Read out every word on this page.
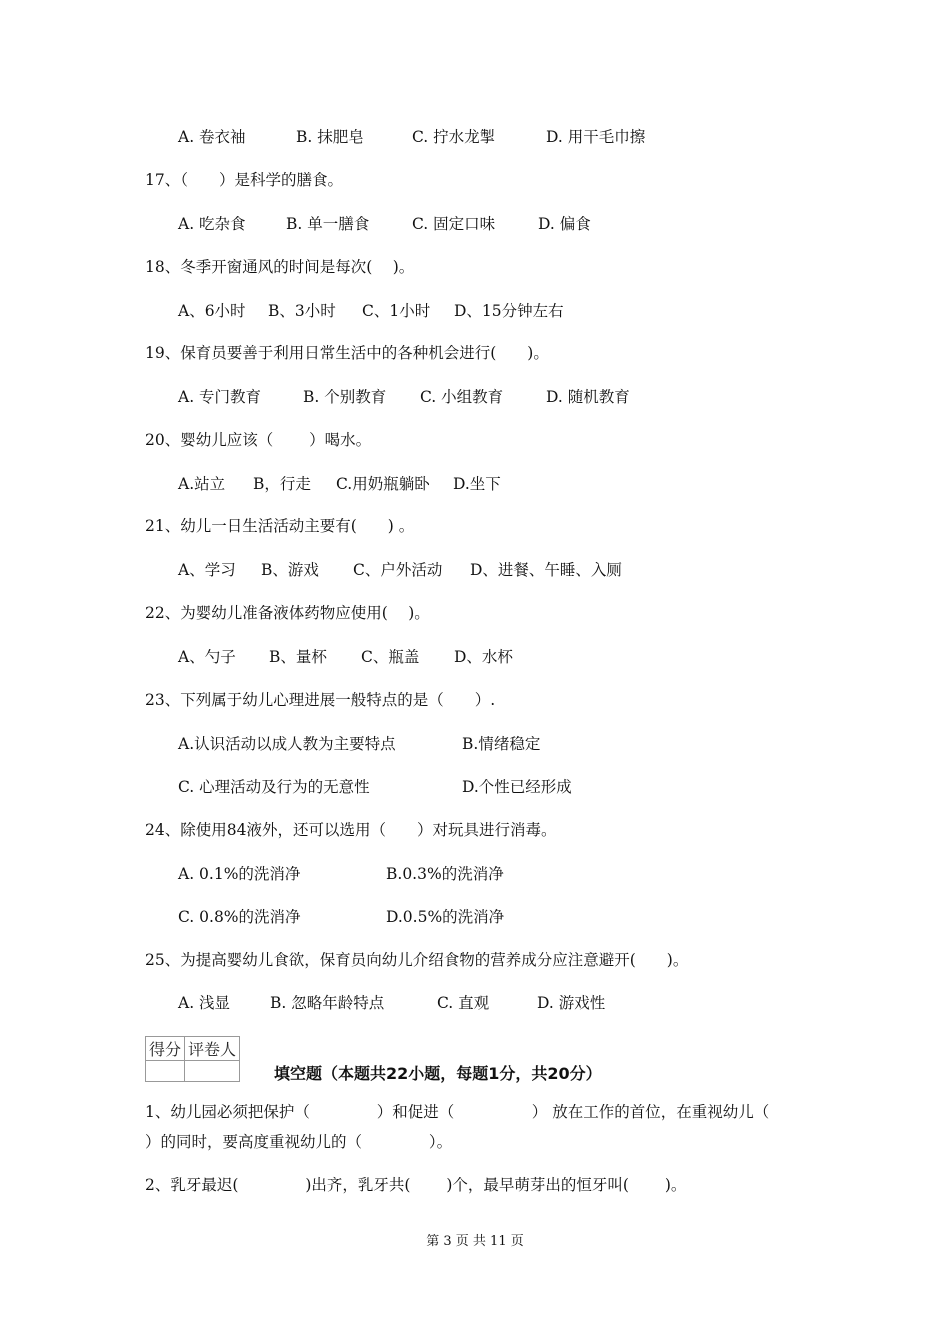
A. 卷衣袖	B. 抹肥皂	C. 拧水龙掣	D. 用干毛巾擦
17、（　　）是科学的膳食。
A. 吃杂食	B. 单一膳食	C. 固定口味	D. 偏食
18、冬季开窗通风的时间是每次(　 )。
A、6小时 B、3小时 C、1小时 D、15分钟左右
19、保育员要善于利用日常生活中的各种机会进行(　　)。
A. 专门教育	B. 个别教育 C. 小组教育	D. 随机教育
20、婴幼儿应该（　　 ）喝水。
A.站立 B，行走 C.用奶瓶躺卧 D.坐下
21、幼儿一日生活活动主要有(　　) 。
A、学习 B、游戏 C、户外活动 D、进餐、午睡、入厕
22、为婴幼儿准备液体药物应使用(　 )。
A、勺子 B、量杯 C、瓶盖 D、水杯
23、下列属于幼儿心理进展一般特点的是（　　）.
A.认识活动以成人教为主要特点	B.情绪稳定
C. 心理活动及行为的无意性	D.个性已经形成
24、除使用84液外，还可以选用（　　）对玩具进行消毒。
A. 0.1%的洗消净	B.0.3%的洗消净
C. 0.8%的洗消净	D.0.5%的洗消净
25、为提高婴幼儿食欲，保育员向幼儿介绍食物的营养成分应注意避开(　　)。
A. 浅显	B. 忽略年龄特点	C. 直观	D. 游戏性
得分	评卷人

填空题（本题共22小题，每题1分，共20分）
1、幼儿园必须把保护（　　　　 ）和促进（　　　　　） 放在工作的首位，在重视幼儿（
）的同时，要高度重视幼儿的（　　　　 ）。
2、乳牙最迟(　　　　 )出齐，乳牙共(　　 )个，最早萌芽出的恒牙叫(　　 )。
第 3 页 共 11 页
